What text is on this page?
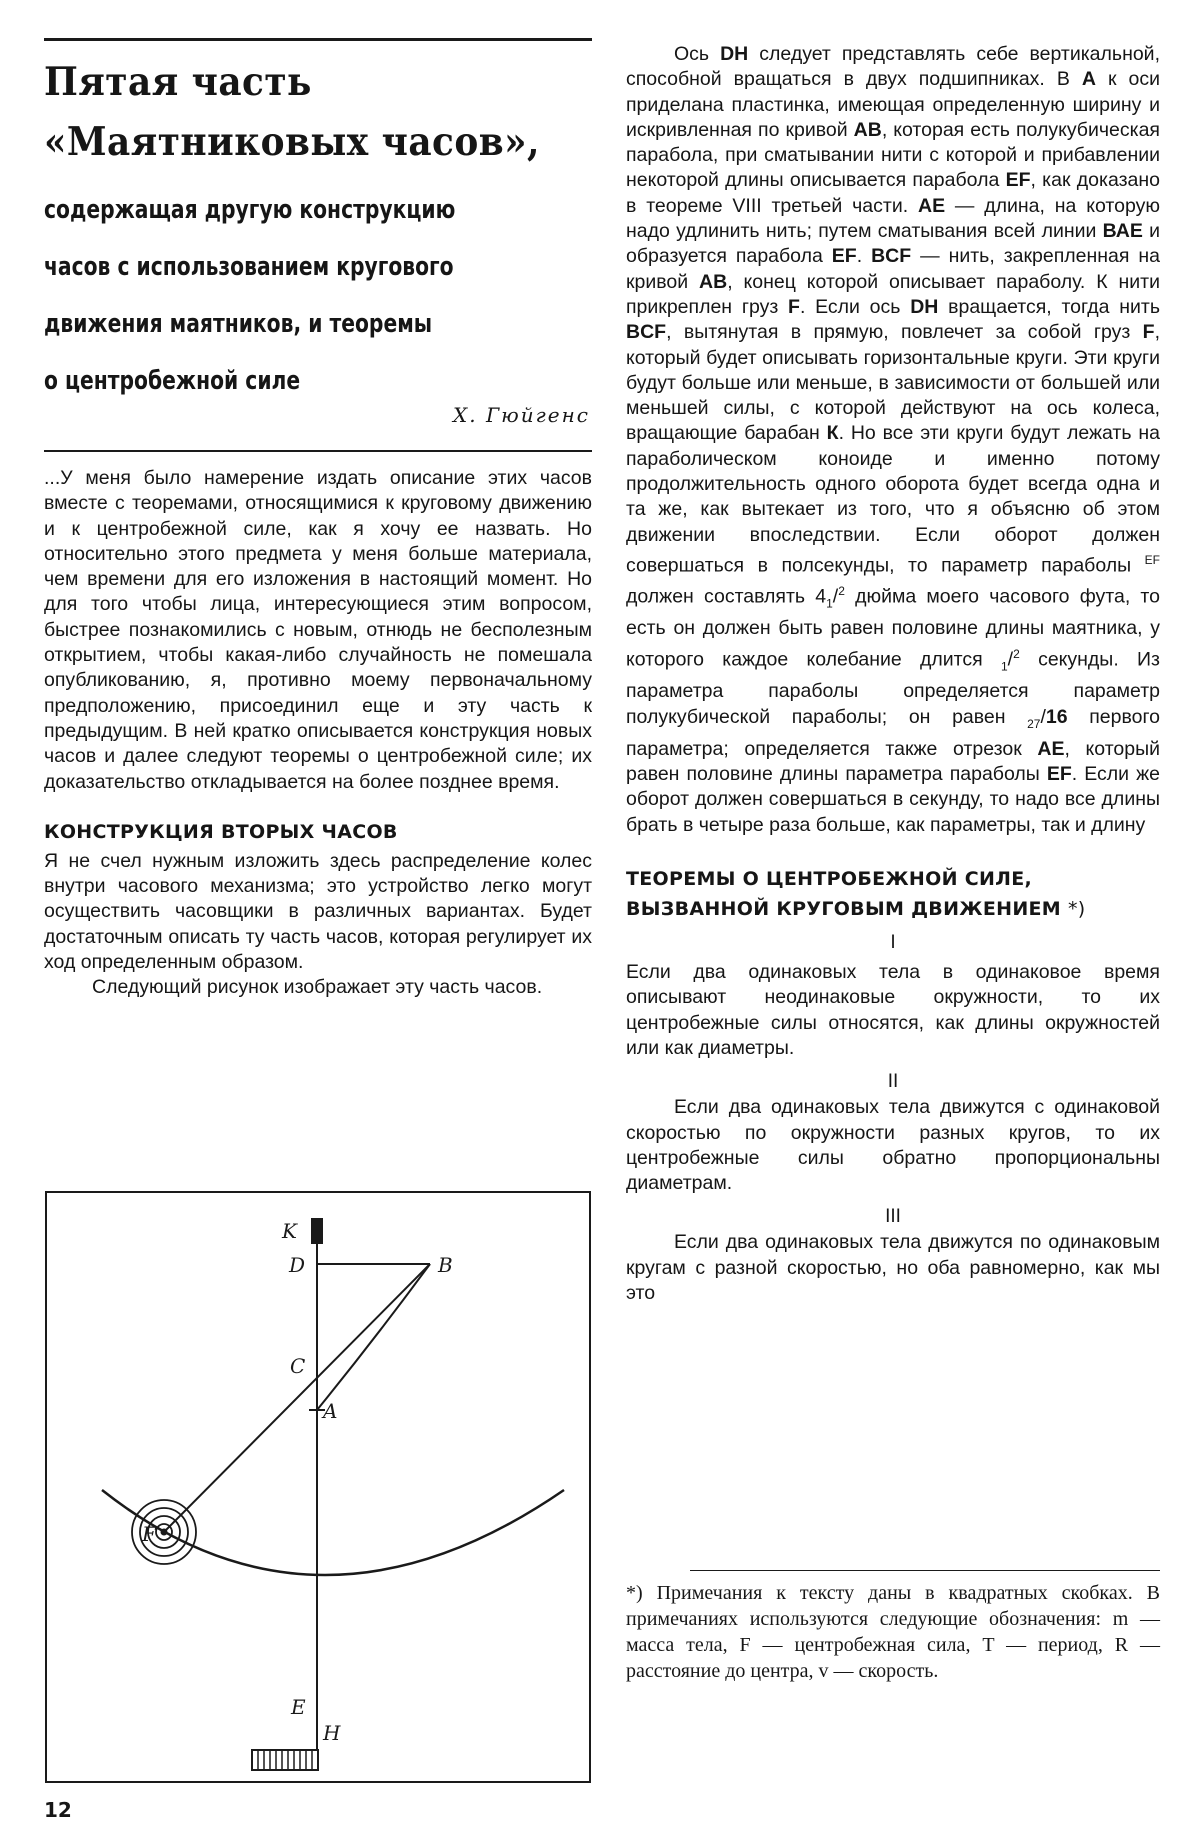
Пятая часть «Маятниковых часов»,
содержащая другую конструкцию
часов с использованием кругового
движения маятников, и теоремы
о центробежной силе
Х. Гюйгенс

...У меня было намерение издать описание этих часов вместе с теоремами, относящимися к круговому движению и к центробежной силе, как я хочу ее назвать. Но относительно этого предмета у меня больше материала, чем времени для его изложения в настоящий момент. Но для того чтобы лица, интересующиеся этим вопросом, быстрее познакомились с новым, отнюдь не бесполезным открытием, чтобы какая-либо случайность не помешала опубликованию, я, противно моему первоначальному предположению, присоединил еще и эту часть к предыдущим. В ней кратко описывается конструкция новых часов и далее следуют теоремы о центробежной силе; их доказательство откладывается на более позднее время.

КОНСТРУКЦИЯ ВТОРЫХ ЧАСОВ

Я не счел нужным изложить здесь распределение колес внутри часового механизма; это устройство легко могут осуществить часовщики в различных вариантах. Будет достаточным описать ту часть часов, которая регулирует их ход определенным образом.

Следующий рисунок изображает эту часть часов.

K
D	B
C
A
F
E
H

Ось DH следует представлять себе вертикальной, способной вращаться в двух подшипниках. В А к оси приделана пластинка, имеющая определенную ширину и искривленная по кривой АВ, которая есть полукубическая парабола, при сматывании нити с которой и прибавлении некоторой длины описывается парабола EF, как доказано в теореме VIII третьей части. АЕ — длина, на которую надо удлинить нить; путем сматывания всей линии ВАЕ и образуется парабола EF. BCF — нить, закрепленная на кривой АВ, конец которой описывает параболу. К нити прикреплен груз F. Если ось DH вращается, тогда нить BCF, вытянутая в прямую, повлечет за собой груз F, который будет описывать горизонтальные круги. Эти круги будут больше или меньше, в зависимости от большей или меньшей силы, с которой действуют на ось колеса, вращающие барабан К. Но все эти круги будут лежать на параболическом коноиде и именно потому продолжительность одного оборота будет всегда одна и та же, как вытекает из того, что я объясню об этом движении впоследствии. Если оборот должен совершаться в полсекунды, то параметр параболы $^{EF}$ должен составлять $4_1/^2$ дюйма моего часового фута, то есть он должен быть равен половине длины маятника, у которого каждое колебание длится $_1$/$^2$ секунды. Из параметра параболы определяется параметр полукубической параболы; он равен $_{27}$/16 первого параметра; определяется также отрезок АЕ, который равен половине длины параметра параболы EF. Если же оборот должен совершаться в секунду, то надо все длины брать в четыре раза больше, как параметры, так и длину

ТЕОРЕМЫ О ЦЕНТРОБЕЖНОЙ СИЛЕ, ВЫЗВАННОЙ КРУГОВЫМ ДВИЖЕНИЕМ *)

I

Если два одинаковых тела в одинаковое время описывают неодинаковые окружности, то их центробежные силы относятся, как длины окружностей или как диаметры.

II

Если два одинаковых тела движутся с одинаковой скоростью по окружности разных кругов, то их центробежные силы обратно пропорциональны диаметрам.

III

Если два одинаковых тела движутся по одинаковым кругам с разной скоростью, но оба равномерно, как мы это

*) Примечания к тексту даны в квадратных скобках. В примечаниях используются следующие обозначения: m — масса тела, F — центробежная сила, T — период, R — расстояние до центра, v — скорость.

12
